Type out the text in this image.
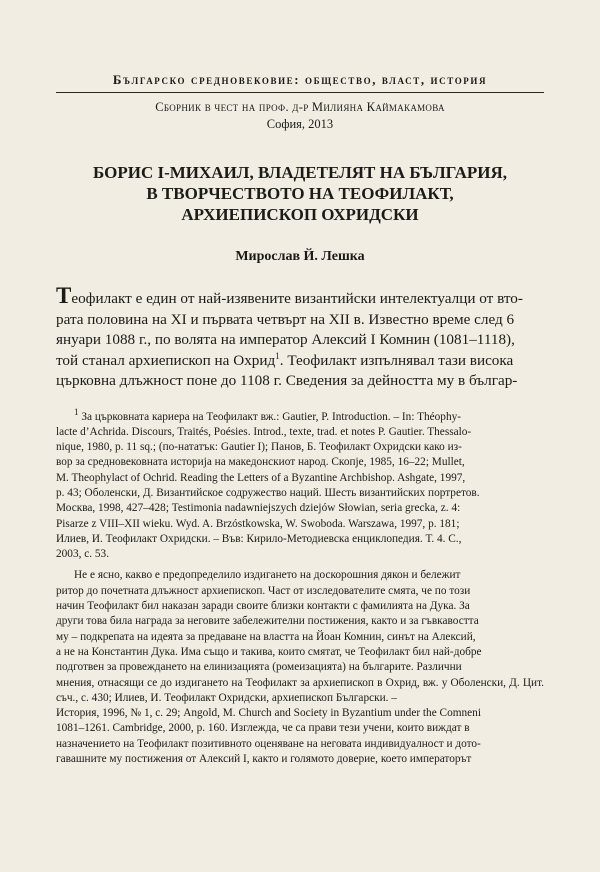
Българско средновековие: общество, власт, история
Сборник в чест на проф. д-р Милияна Каймакамова
София, 2013
БОРИС I-МИХАИЛ, ВЛАДЕТЕЛЯТ НА БЪЛГАРИЯ,
В ТВОРЧЕСТВОТО НА ТЕОФИЛАКТ,
АРХИЕПИСКОП ОХРИДСКИ
Мирослав Й. Лешка
Теофилакт е един от най-изявените византийски интелектуалци от вто-
рата половина на XI и първата четвърт на XII в. Известно време след 6
януари 1088 г., по волята на император Алексий I Комнин (1081–1118),
той станал архиепископ на Охрид$^1$. Теофилакт изпълнявал тази висока
църковна длъжност поне до 1108 г. Сведения за дейността му в българ-
$^1$ За църковната кариера на Теофилакт вж.: Gautier, P. Introduction. – In: Théophy-
lacte d’Achrida. Discours, Traités, Poésies. Introd., texte, trad. et notes P. Gautier. Thessalo-
nique, 1980, p. 11 sq.; (по-нататък: Gautier I); Панов, Б. Теофилакт Охридски како из-
вор за средновековната историја на македонскиот народ. Скопје, 1985, 16–22; Mullet,
M. Theophylact of Ochrid. Reading the Letters of a Byzantine Archbishop. Ashgate, 1997,
p. 43; Оболенски, Д. Византийское содружество наций. Шесть византийских портретов.
Москва, 1998, 427–428; Testimonia nadawniejszych dziejów Słowian, seria grecka, z. 4:
Pisarze z VIII–XII wieku. Wyd. A. Brzóstkowska, W. Swoboda. Warszawa, 1997, p. 181;
Илиев, И. Теофилакт Охридски. – Във: Кирило-Методиевска енциклопедия. Т. 4. С.,
2003, с. 53.
Не е ясно, какво е предопределило издигането на доскорошния дякон и бележит
ритор до почетната длъжност архиепископ. Част от изследователите смята, че по този
начин Теофилакт бил наказан заради своите близки контакти с фамилията на Дука. За
други това била награда за неговите забележителни постижения, както и за гъвкавостта
му – подкрепата на идеята за предаване на властта на Йоан Комнин, синът на Алексий,
а не на Константин Дука. Има също и такива, които смятат, че Теофилакт бил най-добре
подготвен за провеждането на елинизацията (ромеизацията) на българите. Различни
мнения, отнасящи се до издигането на Теофилакт за архиепископ в Охрид, вж. у Оболенски, Д. Цит. съч., с. 430; Илиев, И. Теофилакт Охридски, архиепископ Български. –
История, 1996, № 1, с. 29; Angold, M. Church and Society in Byzantium under the Comneni
1081–1261. Cambridge, 2000, p. 160. Изглежда, че са прави тези учени, които виждат в
назначението на Теофилакт позитивното оценяване на неговата индивидуалност и дото-
гавашните му постижения от Алексий I, както и голямото доверие, което императорът
